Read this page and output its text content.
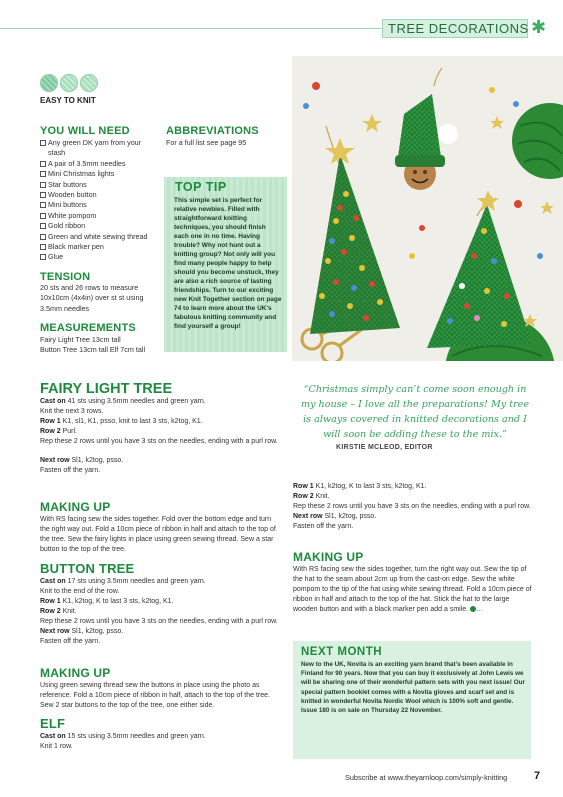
TREE DECORATIONS ✱
EASY TO KNIT
YOU WILL NEED
Any green DK yarn from your stash
A pair of 3.5mm needles
Mini Christmas lights
Star buttons
Wooden button
Mini buttons
White pompom
Gold ribbon
Green and white sewing thread
Black marker pen
Glue
ABBREVIATIONS
For a full list see page 95
TOP TIP
This simple set is perfect for relative newbies. Filled with straightforward knitting techniques, you should finish each one in no time. Having trouble? Why not hunt out a knitting group? Not only will you find many people happy to help should you become unstuck, they are also a rich source of lasting friendships. Turn to our exciting new Knit Together section on page 74 to learn more about the UK's fabulous knitting community and find yourself a group!
TENSION
20 sts and 26 rows to measure 10x10cm (4x4in) over st st using 3.5mm needles
MEASUREMENTS
Fairy Light Tree 13cm tall
Button Tree 13cm tall Elf 7cm tall
FAIRY LIGHT TREE
Cast on 41 sts using 3.5mm needles and green yarn.
Knit the next 3 rows.
Row 1 K1, sl1, K1, psso, knit to last 3 sts, k2tog, K1.
Row 2 Purl.
Rep these 2 rows until you have 3 sts on the needles, ending with a purl row.
Next row Sl1, k2tog, psso.
Fasten off the yarn.
MAKING UP
With RS facing sew the sides together. Fold over the bottom edge and turn the right way out. Fold a 10cm piece of ribbon in half and attach to the top of the tree. Sew the fairy lights in place using green sewing thread. Sew a star button to the top of the tree.
BUTTON TREE
Cast on 17 sts using 3.5mm needles and green yarn.
Knit to the end of the row.
Row 1 K1, k2tog, K to last 3 sts, k2tog, K1.
Row 2 Knit.
Rep these 2 rows until you have 3 sts on the needles, ending with a purl row.
Next row Sl1, k2tog, psso.
Fasten off the yarn.
MAKING UP
Using green sewing thread sew the buttons in place using the photo as reference. Fold a 10cm piece of ribbon in half, attach to the top of the tree. Sew 2 star buttons to the top of the tree, one either side.
ELF
Cast on 15 sts using 3.5mm needles and green yarn.
Knit 1 row.
“Christmas simply can’t come soon enough in my house – I love all the preparations! My tree is always covered in knitted decorations and I will soon be adding these to the mix.”
KIRSTIE MCLEOD, EDITOR
Row 1 K1, k2tog, K to last 3 sts, k2tog, K1.
Row 2 Knit.
Rep these 2 rows until you have 3 sts on the needles, ending with a purl row.
Next row Sl1, k2tog, psso.
Fasten off the yarn.
MAKING UP
With RS facing sew the sides together, turn the right way out. Sew the tip of the hat to the seam about 2cm up from the cast-on edge. Sew the white pompom to the tip of the hat using white sewing thread. Fold a 10cm piece of ribbon in half and attach to the top of the hat. Stick the hat to the large wooden button and with a black marker pen add a smile. …
NEXT MONTH
New to the UK, Novita is an exciting yarn brand that's been available in Finland for 90 years. Now that you can buy it exclusively at John Lewis we will be sharing one of their wonderful pattern sets with you next issue! Our special pattern booklet comes with a Novita gloves and scarf set and is knitted in wonderful Novita Nordic Wool which is 100% soft and gentle. Issue 180 is on sale on Thursday 22 November.
Subscribe at www.theyarnloop.com/simply-knitting 7
